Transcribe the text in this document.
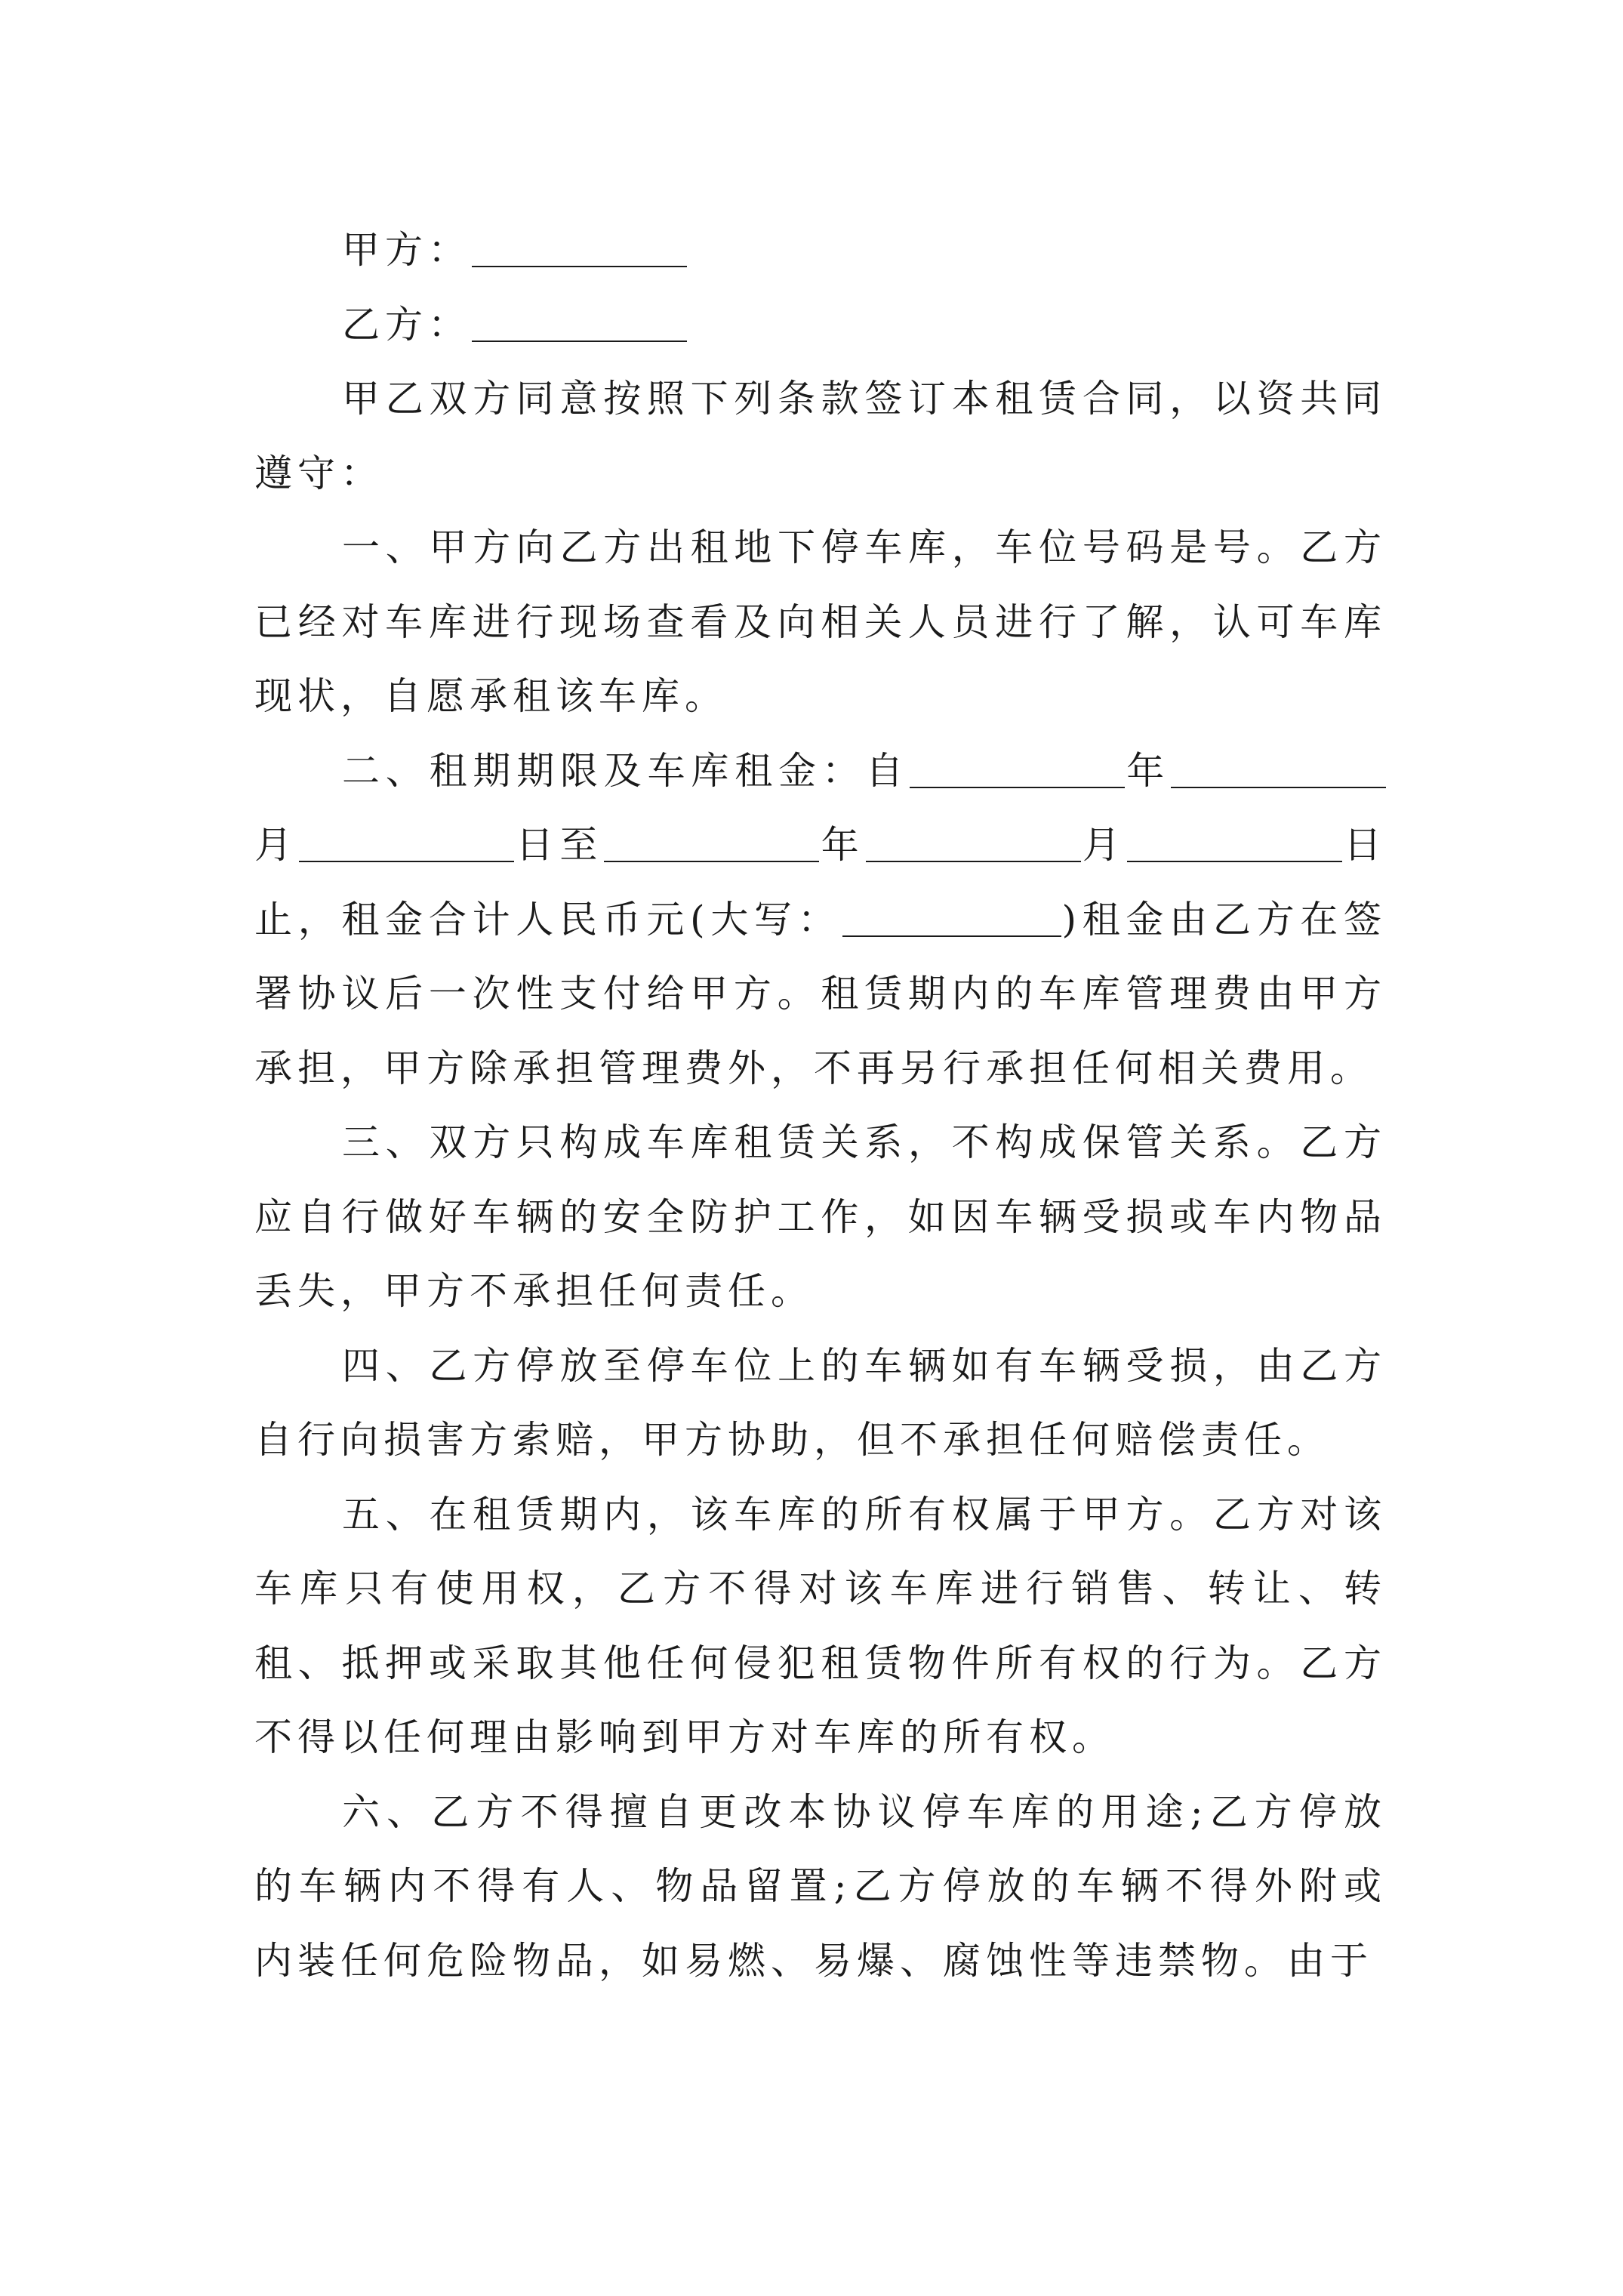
甲方：

乙方：

甲乙双方同意按照下列条款签订本租赁合同，以资共同遵守：

一、甲方向乙方出租地下停车库，车位号码是号。乙方已经对车库进行现场查看及向相关人员进行了解，认可车库现状，自愿承租该车库。

二、租期期限及车库租金：自	年月	日至	年	月	日止，租金合计人民币元(大写：	)租金由乙方在签署协议后一次性支付给甲方。租赁期内的车库管理费由甲方承担，甲方除承担管理费外，不再另行承担任何相关费用。

三、双方只构成车库租赁关系，不构成保管关系。乙方应自行做好车辆的安全防护工作，如因车辆受损或车内物品丢失，甲方不承担任何责任。

四、乙方停放至停车位上的车辆如有车辆受损，由乙方自行向损害方索赔，甲方协助，但不承担任何赔偿责任。

五、在租赁期内，该车库的所有权属于甲方。乙方对该车库只有使用权，乙方不得对该车库进行销售、转让、转租、抵押或采取其他任何侵犯租赁物件所有权的行为。乙方不得以任何理由影响到甲方对车库的所有权。

六、乙方不得擅自更改本协议停车库的用途;乙方停放的车辆内不得有人、物品留置;乙方停放的车辆不得外附或内装任何危险物品，如易燃、易爆、腐蚀性等违禁物。由于
